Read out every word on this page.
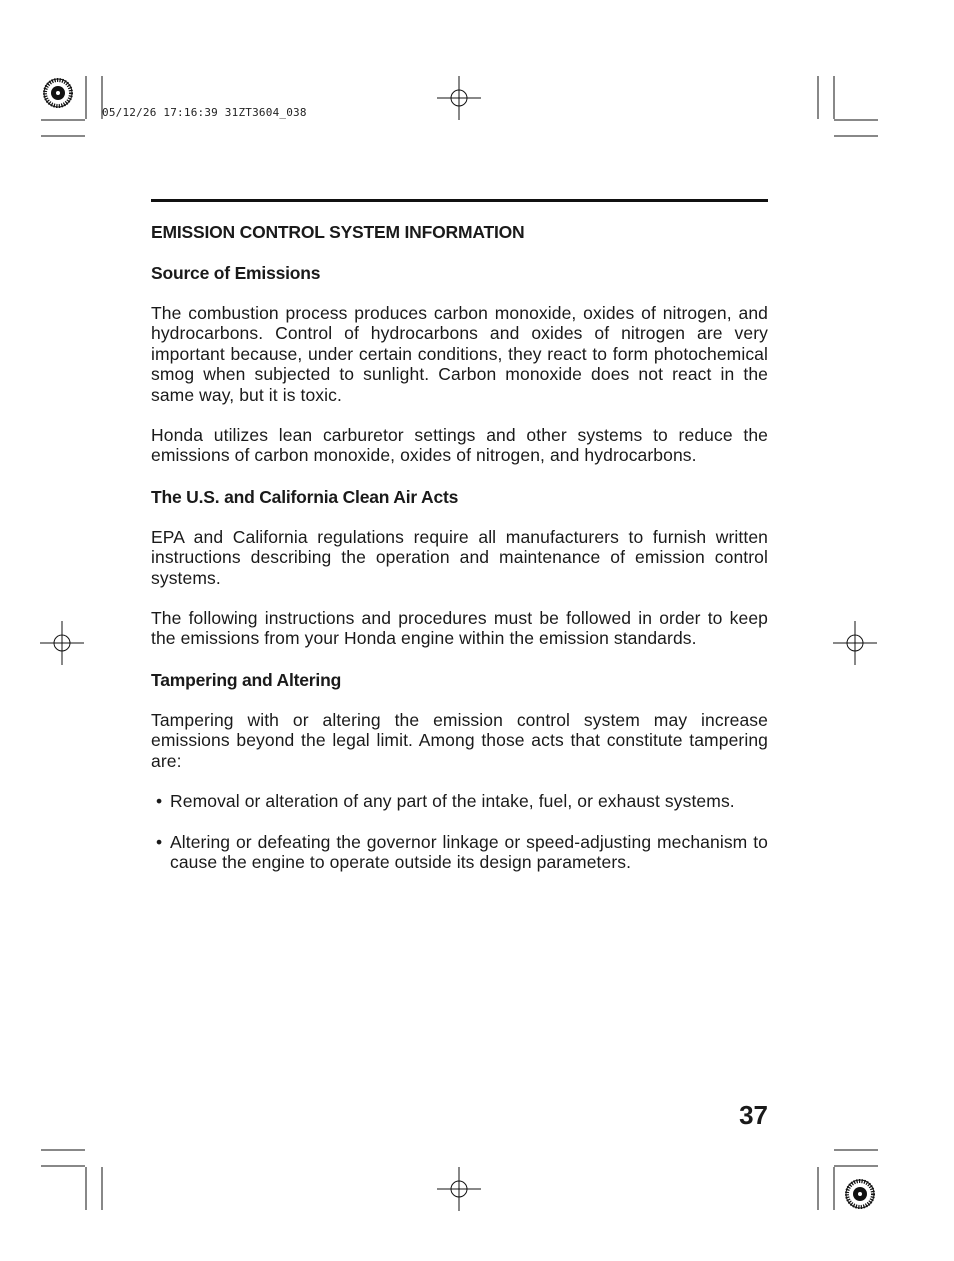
05/12/26 17:16:39 31ZT3604_038
EMISSION CONTROL SYSTEM INFORMATION
Source of Emissions

The combustion process produces carbon monoxide, oxides of nitrogen, and hydrocarbons. Control of hydrocarbons and oxides of nitrogen are very important because, under certain conditions, they react to form photochemical smog when subjected to sunlight. Carbon monoxide does not react in the same way, but it is toxic.

Honda utilizes lean carburetor settings and other systems to reduce the emissions of carbon monoxide, oxides of nitrogen, and hydrocarbons.

The U.S. and California Clean Air Acts

EPA and California regulations require all manufacturers to furnish written instructions describing the operation and maintenance of emission control systems.

The following instructions and procedures must be followed in order to keep the emissions from your Honda engine within the emission standards.

Tampering and Altering

Tampering with or altering the emission control system may increase emissions beyond the legal limit. Among those acts that constitute tampering are:

• Removal or alteration of any part of the intake, fuel, or exhaust systems.
• Altering or defeating the governor linkage or speed-adjusting mechanism to cause the engine to operate outside its design parameters.
37
